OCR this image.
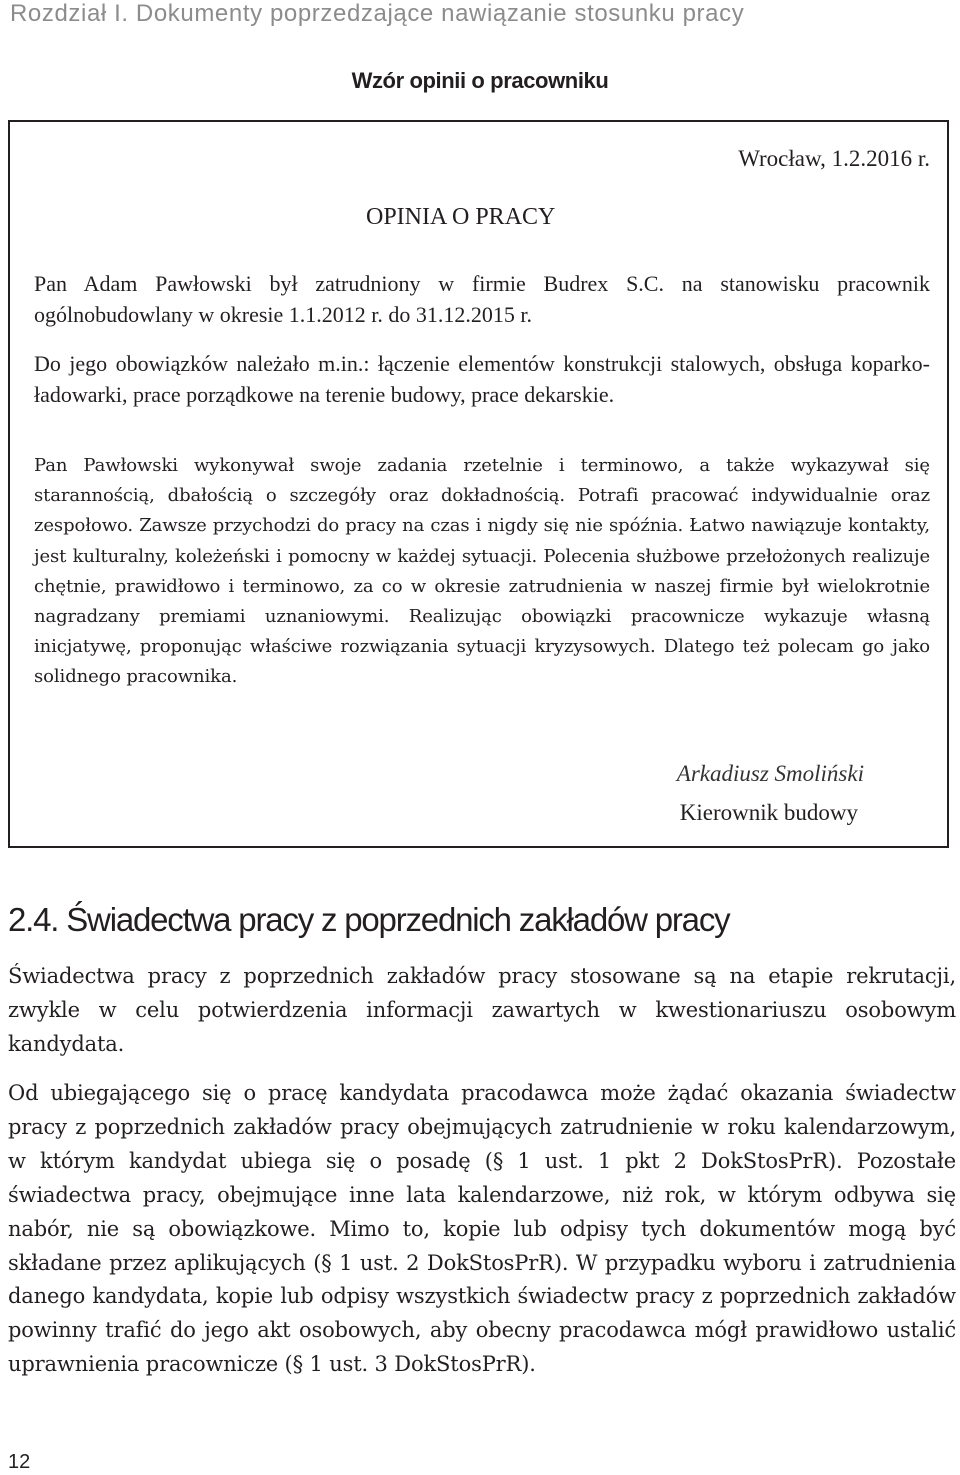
Rozdział I. Dokumenty poprzedzające nawiązanie stosunku pracy
Wzór opinii o pracowniku
Wrocław, 1.2.2016 r.
OPINIA O PRACY

Pan Adam Pawłowski był zatrudniony w firmie Budrex S.C. na stanowisku pracownik ogólnobudowlany w okresie 1.1.2012 r. do 31.12.2015 r.

Do jego obowiązków należało m.in.: łączenie elementów konstrukcji stalowych, obsługa koparko-ładowarki, prace porządkowe na terenie budowy, prace dekarskie.

Pan Pawłowski wykonywał swoje zadania rzetelnie i terminowo, a także wykazywał się starannością, dbałością o szczegóły oraz dokładnością. Potrafi pracować indywidualnie oraz zespołowo. Zawsze przychodzi do pracy na czas i nigdy się nie spóźnia. Łatwo nawiązuje kontakty, jest kulturalny, koleżeński i pomocny w każdej sytuacji. Polecenia służbowe przełożonych realizuje chętnie, prawidłowo i terminowo, za co w okresie zatrudnienia w naszej firmie był wielokrotnie nagradzany premiami uznaniowymi. Realizując obowiązki pracownicze wykazuje własną inicjatywę, proponując właściwe rozwiązania sytuacji kryzysowych. Dlatego też polecam go jako solidnego pracownika.

Arkadiusz Smoliński
Kierownik budowy
2.4. Świadectwa pracy z poprzednich zakładów pracy

Świadectwa pracy z poprzednich zakładów pracy stosowane są na etapie rekrutacji, zwykle w celu potwierdzenia informacji zawartych w kwestionariuszu osobowym kandydata.

Od ubiegającego się o pracę kandydata pracodawca może żądać okazania świadectw pracy z poprzednich zakładów pracy obejmujących zatrudnienie w roku kalendarzowym, w którym kandydat ubiega się o posadę (§ 1 ust. 1 pkt 2 DokStosPrR). Pozostałe świadectwa pracy, obejmujące inne lata kalendarzowe, niż rok, w którym odbywa się nabór, nie są obowiązkowe. Mimo to, kopie lub odpisy tych dokumentów mogą być składane przez aplikujących (§ 1 ust. 2 DokStosPrR). W przypadku wyboru i zatrudnienia danego kandydata, kopie lub odpisy wszystkich świadectw pracy z poprzednich zakładów powinny trafić do jego akt osobowych, aby obecny pracodawca mógł prawidłowo ustalić uprawnienia pracownicze (§ 1 ust. 3 DokStosPrR).

12
